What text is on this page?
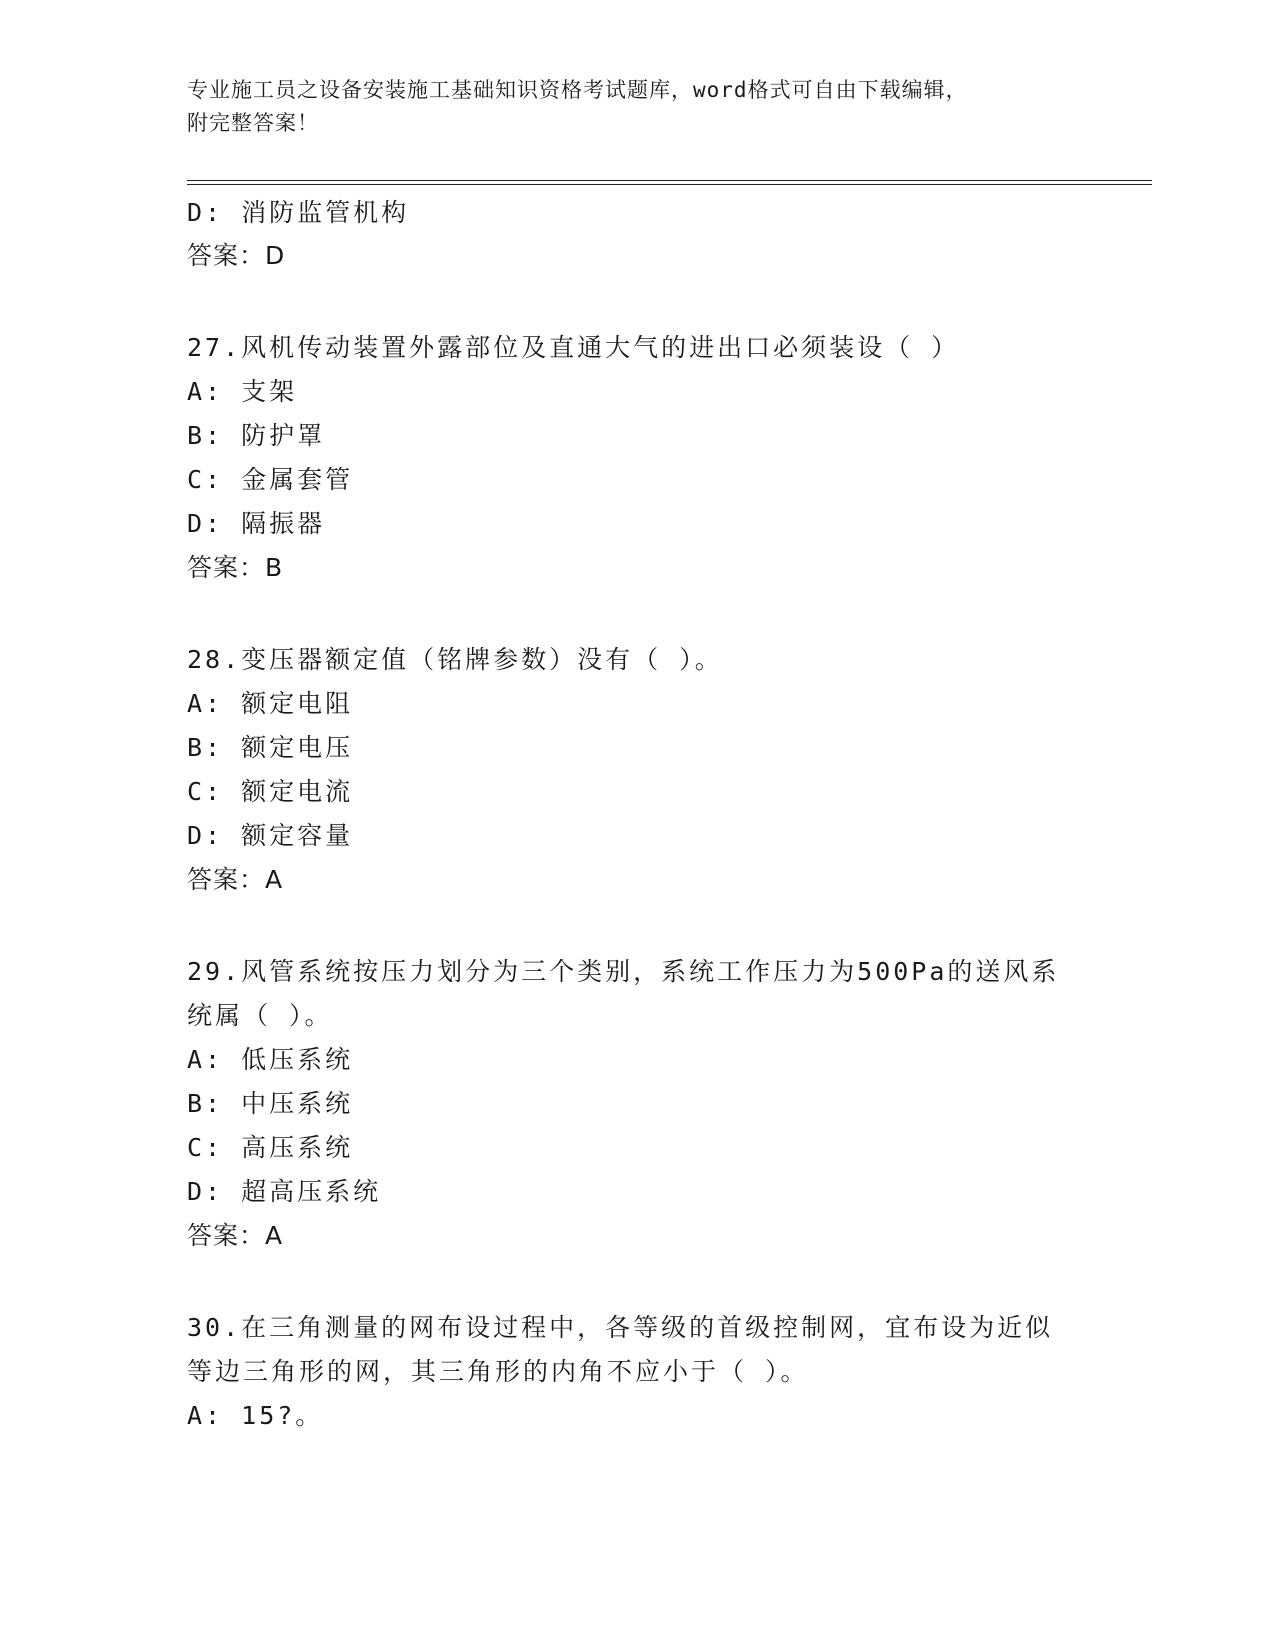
专业施工员之设备安装施工基础知识资格考试题库，word格式可自由下载编辑，
附完整答案！
D: 消防监管机构
答案：D
27.风机传动装置外露部位及直通大气的进出口必须装设（ ）
A: 支架
B: 防护罩
C: 金属套管
D: 隔振器
答案：B
28.变压器额定值（铭牌参数）没有（ ）。
A: 额定电阻
B: 额定电压
C: 额定电流
D: 额定容量
答案：A
29.风管系统按压力划分为三个类别，系统工作压力为500Pa的送风系
统属（ ）。
A: 低压系统
B: 中压系统
C: 高压系统
D: 超高压系统
答案：A
30.在三角测量的网布设过程中，各等级的首级控制网，宜布设为近似
等边三角形的网，其三角形的内角不应小于（ ）。
A: 15?。
